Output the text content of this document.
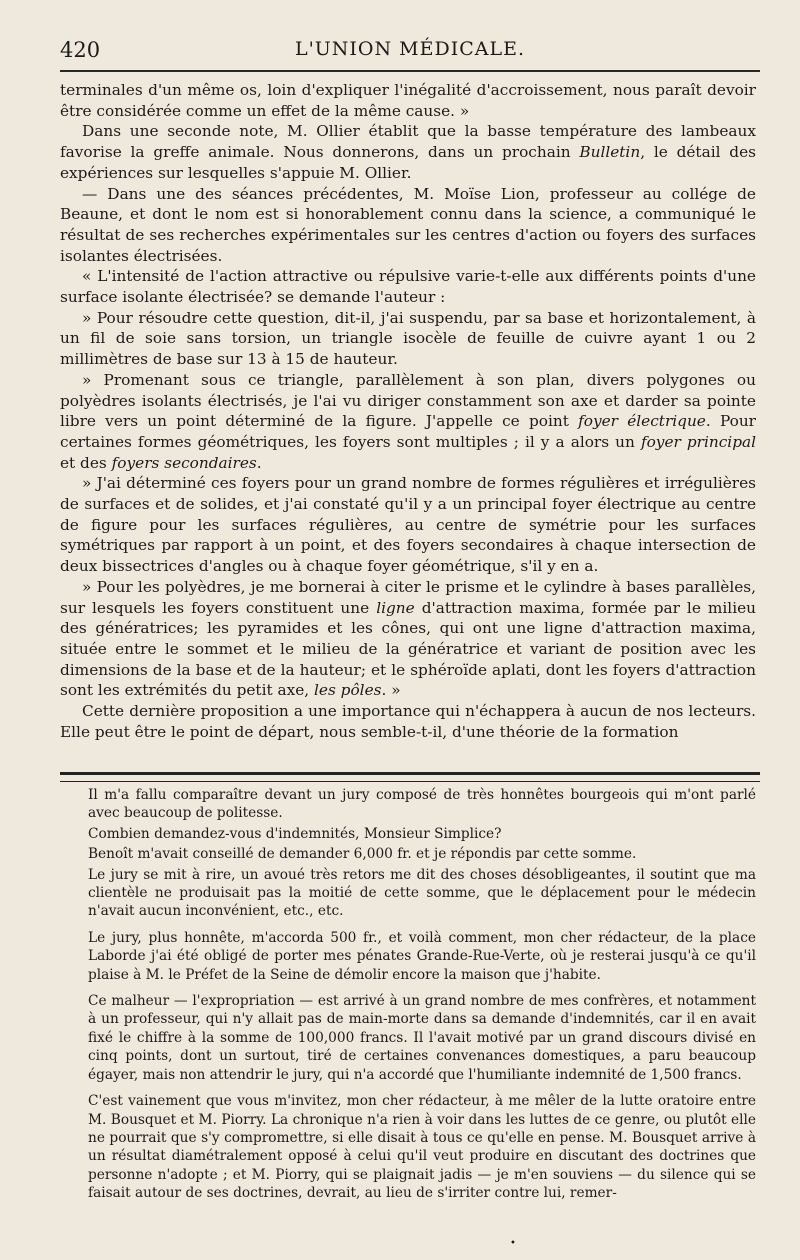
420	L'UNION MÉDICALE.

terminales d'un même os, loin d'expliquer l'inégalité d'accroissement, nous paraît devoir être considérée comme un effet de la même cause. »

Dans une seconde note, M. Ollier établit que la basse température des lambeaux favorise la greffe animale. Nous donnerons, dans un prochain Bulletin, le détail des expériences sur lesquelles s'appuie M. Ollier.

— Dans une des séances précédentes, M. Moïse Lion, professeur au collége de Beaune, et dont le nom est si honorablement connu dans la science, a communiqué le résultat de ses recherches expérimentales sur les centres d'action ou foyers des surfaces isolantes électrisées.

« L'intensité de l'action attractive ou répulsive varie-t-elle aux différents points d'une surface isolante électrisée? se demande l'auteur :

» Pour résoudre cette question, dit-il, j'ai suspendu, par sa base et horizontalement, à un fil de soie sans torsion, un triangle isocèle de feuille de cuivre ayant 1 ou 2 millimètres de base sur 13 à 15 de hauteur.

» Promenant sous ce triangle, parallèlement à son plan, divers polygones ou polyèdres isolants électrisés, je l'ai vu diriger constamment son axe et darder sa pointe libre vers un point déterminé de la figure. J'appelle ce point foyer électrique. Pour certaines formes géométriques, les foyers sont multiples ; il y a alors un foyer principal et des foyers secondaires.

» J'ai déterminé ces foyers pour un grand nombre de formes régulières et irrégulières de surfaces et de solides, et j'ai constaté qu'il y a un principal foyer électrique au centre de figure pour les surfaces régulières, au centre de symétrie pour les surfaces symétriques par rapport à un point, et des foyers secondaires à chaque intersection de deux bissectrices d'angles ou à chaque foyer géométrique, s'il y en a.

» Pour les polyèdres, je me bornerai à citer le prisme et le cylindre à bases parallèles, sur lesquels les foyers constituent une ligne d'attraction maxima, formée par le milieu des génératrices; les pyramides et les cônes, qui ont une ligne d'attraction maxima, située entre le sommet et le milieu de la génératrice et variant de position avec les dimensions de la base et de la hauteur; et le sphéroïde aplati, dont les foyers d'attraction sont les extrémités du petit axe, les pôles. »

Cette dernière proposition a une importance qui n'échappera à aucun de nos lecteurs. Elle peut être le point de départ, nous semble-t-il, d'une théorie de la formation

Il m'a fallu comparaître devant un jury composé de très honnêtes bourgeois qui m'ont parlé avec beaucoup de politesse.

Combien demandez-vous d'indemnités, Monsieur Simplice?

Benoît m'avait conseillé de demander 6,000 fr. et je répondis par cette somme.

Le jury se mit à rire, un avoué très retors me dit des choses désobligeantes, il soutint que ma clientèle ne produisait pas la moitié de cette somme, que le déplacement pour le médecin n'avait aucun inconvénient, etc., etc.

Le jury, plus honnête, m'accorda 500 fr., et voilà comment, mon cher rédacteur, de la place Laborde j'ai été obligé de porter mes pénates Grande-Rue-Verte, où je resterai jusqu'à ce qu'il plaise à M. le Préfet de la Seine de démolir encore la maison que j'habite.

Ce malheur — l'expropriation — est arrivé à un grand nombre de mes confrères, et notamment à un professeur, qui n'y allait pas de main-morte dans sa demande d'indemnités, car il en avait fixé le chiffre à la somme de 100,000 francs. Il l'avait motivé par un grand discours divisé en cinq points, dont un surtout, tiré de certaines convenances domestiques, a paru beaucoup égayer, mais non attendrir le jury, qui n'a accordé que l'humiliante indemnité de 1,500 francs.

C'est vainement que vous m'invitez, mon cher rédacteur, à me mêler de la lutte oratoire entre M. Bousquet et M. Piorry. La chronique n'a rien à voir dans les luttes de ce genre, ou plutôt elle ne pourrait que s'y compromettre, si elle disait à tous ce qu'elle en pense. M. Bousquet arrive à un résultat diamétralement opposé à celui qu'il veut produire en discutant des doctrines que personne n'adopte ; et M. Piorry, qui se plaignait jadis — je m'en souviens — du silence qui se faisait autour de ses doctrines, devrait, au lieu de s'irriter contre lui, remer-

•
